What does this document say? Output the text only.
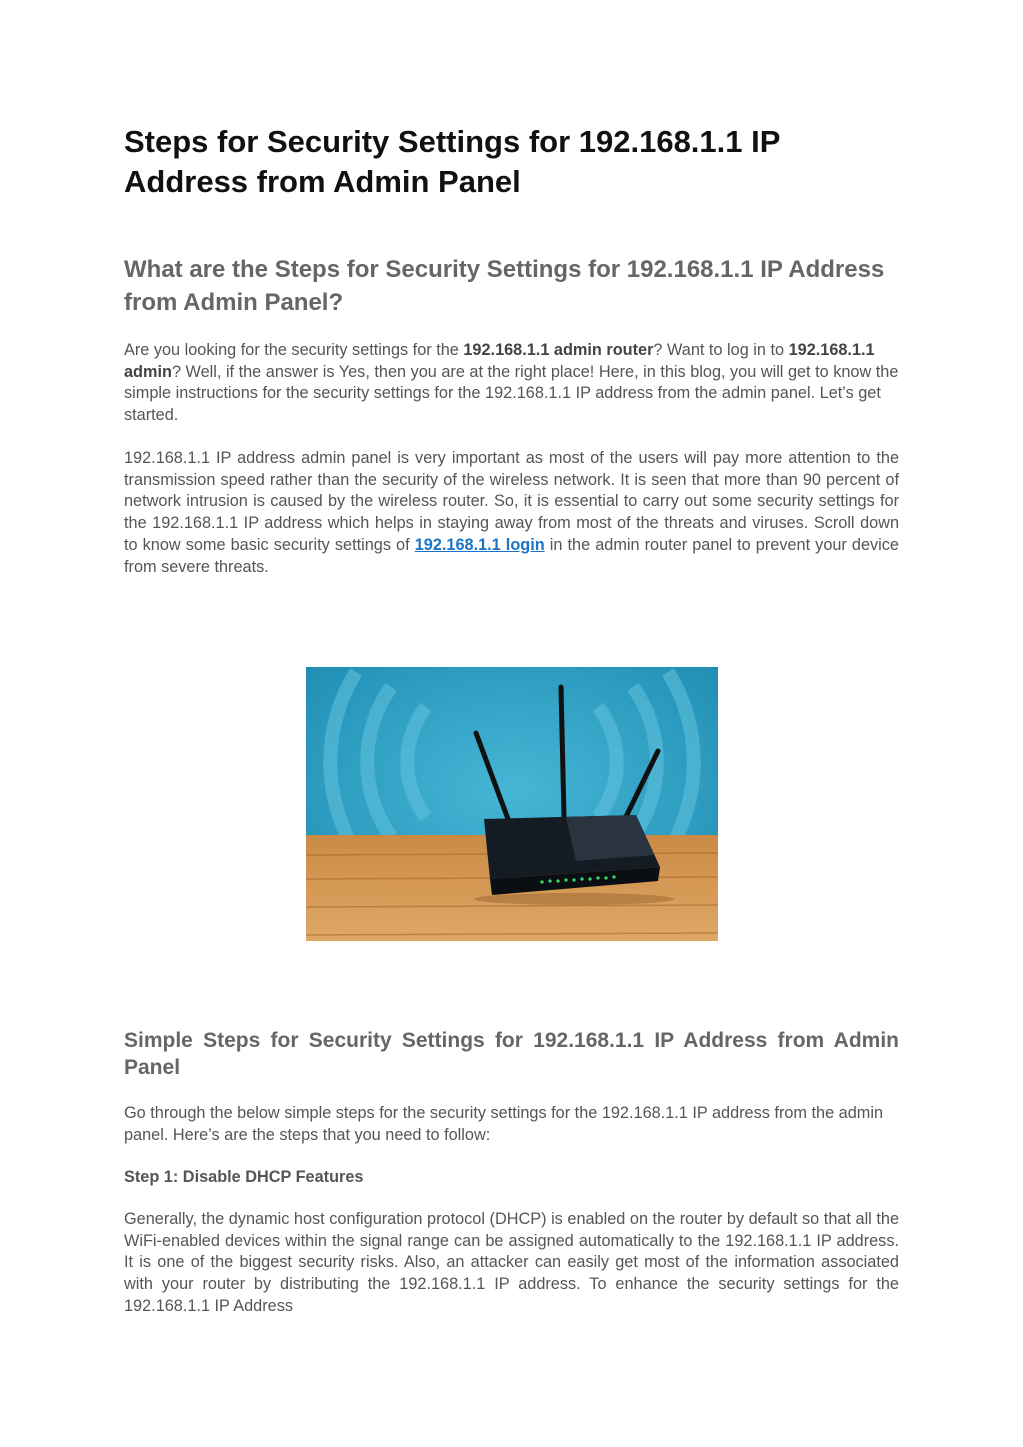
Steps for Security Settings for 192.168.1.1 IP Address from Admin Panel
What are the Steps for Security Settings for 192.168.1.1 IP Address from Admin Panel?

Are you looking for the security settings for the 192.168.1.1 admin router? Want to log in to 192.168.1.1 admin? Well, if the answer is Yes, then you are at the right place! Here, in this blog, you will get to know the simple instructions for the security settings for the 192.168.1.1 IP address from the admin panel. Let’s get started.

192.168.1.1 IP address admin panel is very important as most of the users will pay more attention to the transmission speed rather than the security of the wireless network. It is seen that more than 90 percent of network intrusion is caused by the wireless router. So, it is essential to carry out some security settings for the 192.168.1.1 IP address which helps in staying away from most of the threats and viruses. Scroll down to know some basic security settings of 192.168.1.1 login in the admin router panel to prevent your device from severe threats.

Simple Steps for Security Settings for 192.168.1.1 IP Address from Admin Panel

Go through the below simple steps for the security settings for the 192.168.1.1 IP address from the admin panel. Here’s are the steps that you need to follow:

Step 1: Disable DHCP Features

Generally, the dynamic host configuration protocol (DHCP) is enabled on the router by default so that all the WiFi-enabled devices within the signal range can be assigned automatically to the 192.168.1.1 IP address. It is one of the biggest security risks. Also, an attacker can easily get most of the information associated with your router by distributing the 192.168.1.1 IP address. To enhance the security settings for the 192.168.1.1 IP Address
